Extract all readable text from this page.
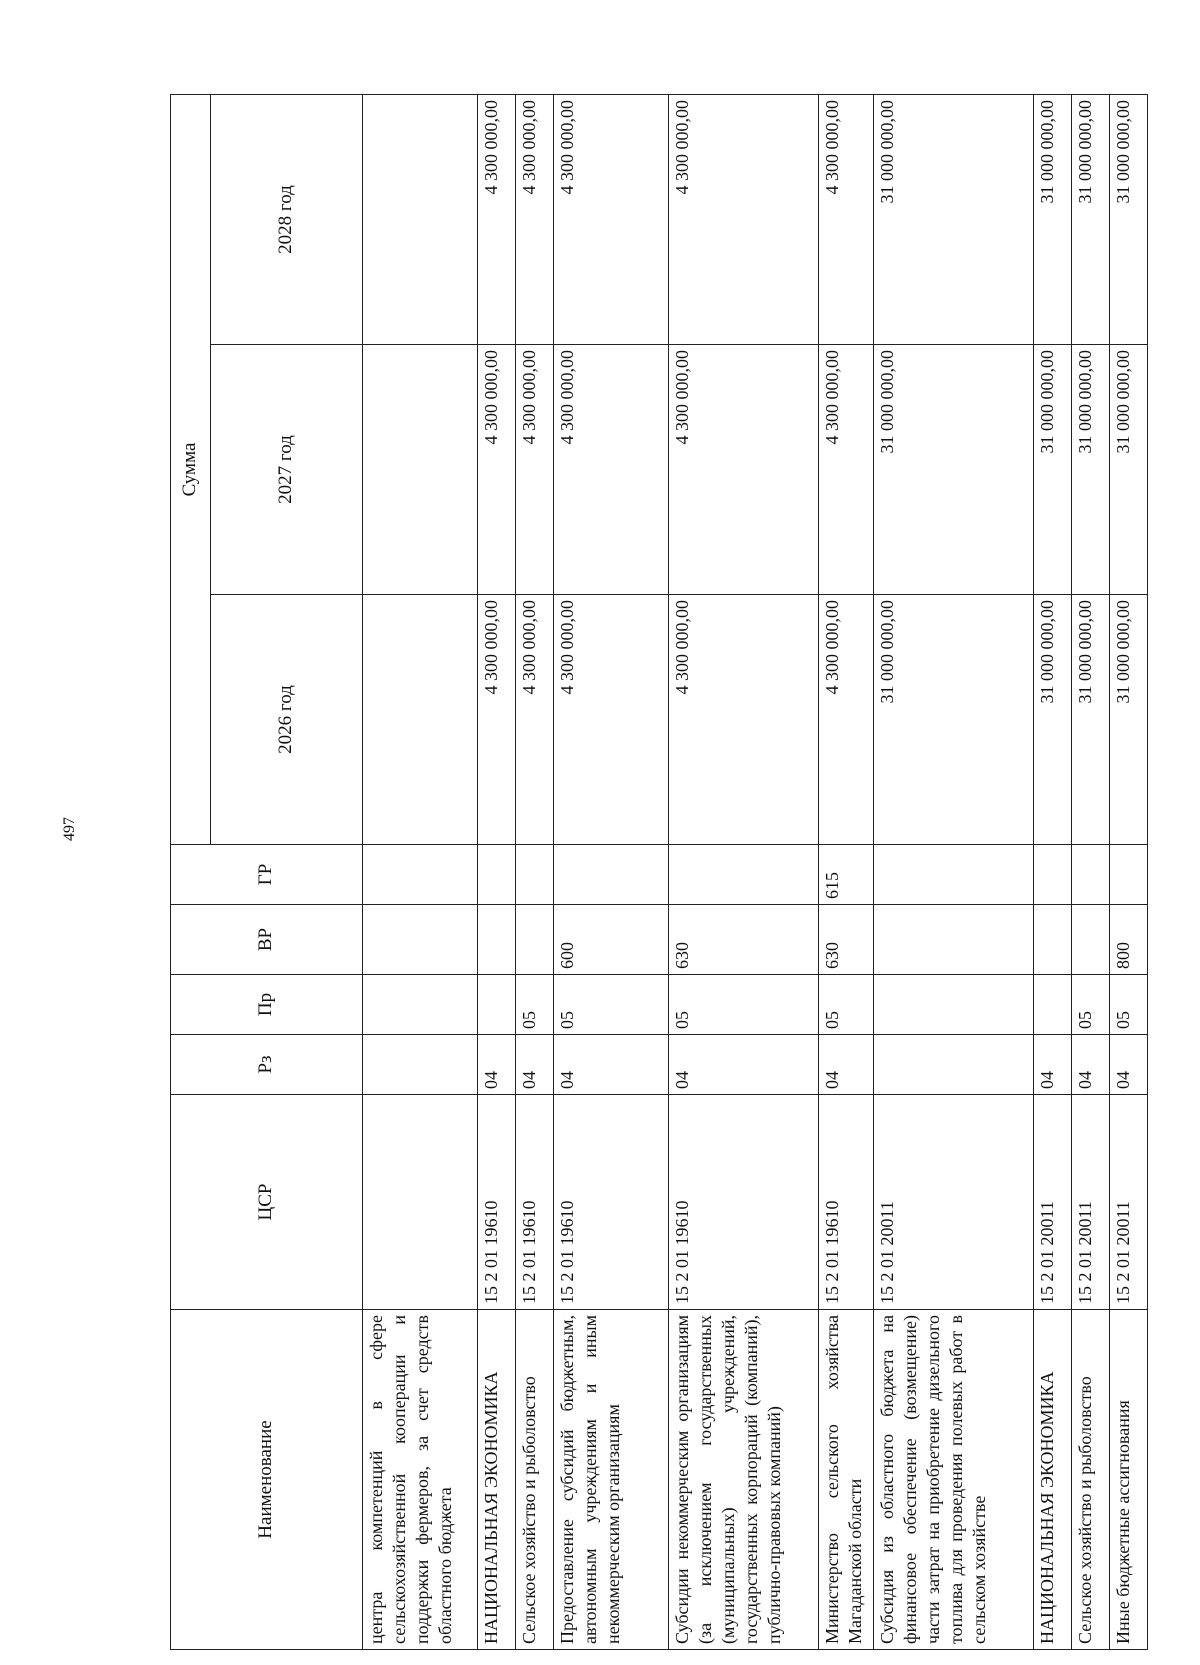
497
Наименование	ЦСР	Рз	Пр	ВР	ГР	Сумма		
						2026 год	2027 год	2028 год
центра компетенций в сфере сельскохозяйственной кооперации и поддержки фермеров, за счет средств областного бюджета								
НАЦИОНАЛЬНАЯ ЭКОНОМИКА	15 2 01 19610	04				4 300 000,00	4 300 000,00	4 300 000,00
Сельское хозяйство и рыболовство	15 2 01 19610	04	05			4 300 000,00	4 300 000,00	4 300 000,00
Предоставление субсидий бюджетным, автономным учреждениям и иным некоммерческим организациям	15 2 01 19610	04	05	600		4 300 000,00	4 300 000,00	4 300 000,00
Субсидии некоммерческим организациям (за исключением государственных (муниципальных) учреждений, государственных корпораций (компаний), публично-правовых компаний)	15 2 01 19610	04	05	630		4 300 000,00	4 300 000,00	4 300 000,00
Министерство сельского хозяйства Магаданской области	15 2 01 19610	04	05	630	615	4 300 000,00	4 300 000,00	4 300 000,00
Субсидия из областного бюджета на финансовое обеспечение (возмещение) части затрат на приобретение дизельного топлива для проведения полевых работ в сельском хозяйстве	15 2 01 20011					31 000 000,00	31 000 000,00	31 000 000,00
НАЦИОНАЛЬНАЯ ЭКОНОМИКА	15 2 01 20011	04				31 000 000,00	31 000 000,00	31 000 000,00
Сельское хозяйство и рыболовство	15 2 01 20011	04	05			31 000 000,00	31 000 000,00	31 000 000,00
Иные бюджетные ассигнования	15 2 01 20011	04	05	800		31 000 000,00	31 000 000,00	31 000 000,00
